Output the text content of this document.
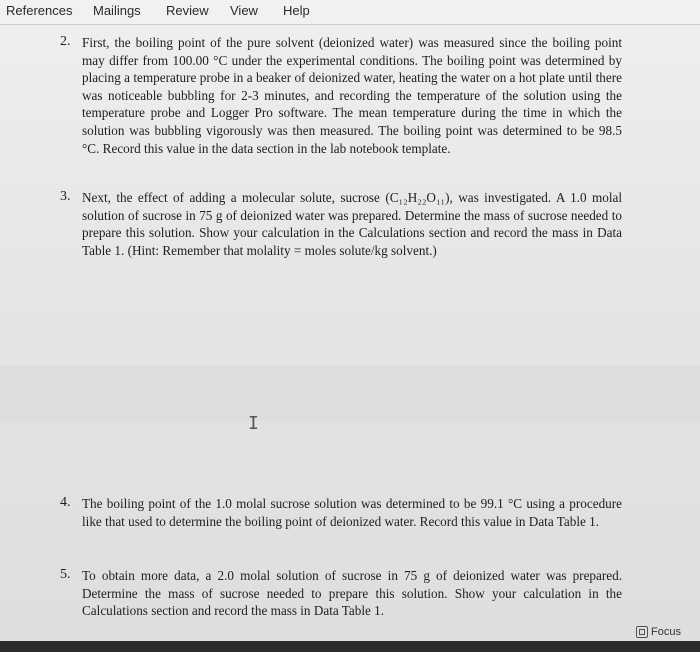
References Mailings Review View Help
2. First, the boiling point of the pure solvent (deionized water) was measured since the boiling point may differ from 100.00 °C under the experimental conditions. The boiling point was determined by placing a temperature probe in a beaker of deionized water, heating the water on a hot plate until there was noticeable bubbling for 2-3 minutes, and recording the temperature of the solution using the temperature probe and Logger Pro software. The mean temperature during the time in which the solution was bubbling vigorously was then measured. The boiling point was determined to be 98.5 °C. Record this value in the data section in the lab notebook template.
3. Next, the effect of adding a molecular solute, sucrose (C₁₂H₂₂O₁₁), was investigated. A 1.0 molal solution of sucrose in 75 g of deionized water was prepared. Determine the mass of sucrose needed to prepare this solution. Show your calculation in the Calculations section and record the mass in Data Table 1. (Hint: Remember that molality = moles solute/kg solvent.)
I
4. The boiling point of the 1.0 molal sucrose solution was determined to be 99.1 °C using a procedure like that used to determine the boiling point of deionized water. Record this value in Data Table 1.
5. To obtain more data, a 2.0 molal solution of sucrose in 75 g of deionized water was prepared. Determine the mass of sucrose needed to prepare this solution. Show your calculation in the Calculations section and record the mass in Data Table 1.
Focus
